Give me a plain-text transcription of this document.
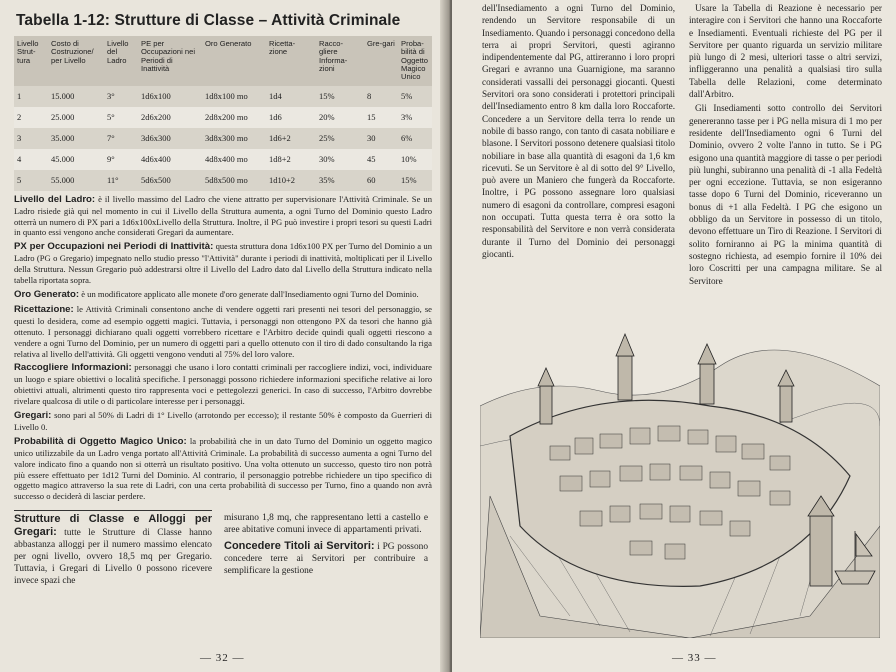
Tabella 1-12: Strutture di Classe – Attività Criminale
Livello Strut-tura	Costo di Costruzione/ per Livello	Livello del Ladro	PE per Occupazioni nei Periodi di Inattività	Oro Generato	Ricetta-zione	Racco-gliere Informa-zioni	Gre-gari	Proba-bilità di Oggetto Magico Unico
1	15.000	3°	1d6x100	1d8x100 mo	1d4	15%	8	5%
2	25.000	5°	2d6x200	2d8x200 mo	1d6	20%	15	3%
3	35.000	7°	3d6x300	3d8x300 mo	1d6+2	25%	30	6%
4	45.000	9°	4d6x400	4d8x400 mo	1d8+2	30%	45	10%
5	55.000	11°	5d6x500	5d8x500 mo	1d10+2	35%	60	15%

Livello del Ladro: è il livello massimo del Ladro che viene attratto per supervisionare l'Attività Criminale. Se un Ladro risiede già qui nel momento in cui il Livello della Struttura aumenta, a ogni Turno del Dominio questo Ladro otterrà un numero di PX pari a 1d6x100xLivello della Struttura. Inoltre, il PG può investire i propri tesori su questi Ladri in quanto essi vengono anche considerati Gregari da aumentare.

PX per Occupazioni nei Periodi di Inattività: questa struttura dona 1d6x100 PX per Turno del Dominio a un Ladro (PG o Gregario) impegnato nello studio presso "l'Attività" durante i periodi di inattività, moltiplicati per il Livello della Struttura. Nessun Gregario può addestrarsi oltre il Livello del Ladro dato dal Livello della Struttura indicato nella tabella riportata sopra.

Oro Generato: è un modificatore applicato alle monete d'oro generate dall'Insediamento ogni Turno del Dominio.

Ricettazione: le Attività Criminali consentono anche di vendere oggetti rari presenti nei tesori del personaggio, se questi lo desidera, come ad esempio oggetti magici. Tuttavia, i personaggi non ottengono PX da tesori che hanno già ottenuto. I personaggi dichiarano quali oggetti vorrebbero ricettare e l'Arbitro decide quindi quali oggetti riescono a vendere a ogni Turno del Dominio, per un numero di oggetti pari a quello ottenuto con il tiro di dado consultando la riga relativa al livello dell'attività. Gli oggetti vengono venduti al 75% del loro valore.

Raccogliere Informazioni: personaggi che usano i loro contatti criminali per raccogliere indizi, voci, individuare un luogo e spiare obiettivi o località specifiche. I personaggi possono richiedere informazioni specifiche relative ai loro obiettivi attuali, altrimenti questo tiro rappresenta voci e pettegolezzi generici. In caso di successo, l'Arbitro dovrebbe rivelare qualcosa di utile o di particolare interesse per i personaggi.

Gregari: sono pari al 50% di Ladri di 1° Livello (arrotondo per eccesso); il restante 50% è composto da Guerrieri di Livello 0.

Probabilità di Oggetto Magico Unico: la probabilità che in un dato Turno del Dominio un oggetto magico unico utilizzabile da un Ladro venga portato all'Attività Criminale. La probabilità di successo aumenta a ogni Turno del valore indicato fino a quando non si otterrà un risultato positivo. Una volta ottenuto un successo, questo tiro non potrà più essere effettuato per 1d12 Turni del Dominio. Al contrario, il personaggio potrebbe richiedere un tipo specifico di oggetto magico attraverso la sua rete di Ladri, con una certa probabilità di successo per Turno, fino a quando non avrà successo o deciderà di lasciar perdere.

Strutture di Classe e Alloggi per Gregari: tutte le Strutture di Classe hanno abbastanza alloggi per il numero massimo elencato per ogni livello, ovvero 18,5 mq per Gregario. Tuttavia, i Gregari di Livello 0 possono ricevere invece spazi che

misurano 1,8 mq, che rappresentano letti a castello e aree abitative comuni invece di appartamenti privati.

Concedere Titoli ai Servitori: i PG possono concedere terre ai Servitori per contribuire a semplificare la gestione

— 32 —

dell'Insediamento a ogni Turno del Dominio, rendendo un Servitore responsabile di un Insediamento. Quando i personaggi concedono della terra ai propri Servitori, questi agiranno indipendentemente dal PG, attireranno i loro propri Gregari e avranno una Guarnigione, ma saranno considerati vassalli dei personaggi giocanti. Questi Servitori ora sono considerati i protettori principali dell'Insediamento entro 8 km dalla loro Roccaforte. Concedere a un Servitore della terra lo rende un nobile di basso rango, con tanto di casata nobiliare e blasone. I Servitori possono detenere qualsiasi titolo nobiliare in base alla quantità di esagoni da 1,6 km ricevuti. Se un Servitore è al di sotto del 9° Livello, può avere un Maniero che fungerà da Roccaforte. Inoltre, i PG possono assegnare loro qualsiasi numero di esagoni da controllare, compresi esagoni non occupati. Tutta questa terra è ora sotto la responsabilità del Servitore e non verrà considerata durante il Turno del Dominio dei personaggi giocanti.

Usare la Tabella di Reazione è necessario per interagire con i Servitori che hanno una Roccaforte e Insediamenti. Eventuali richieste del PG per il Servitore per quanto riguarda un servizio militare più lungo di 2 mesi, ulteriori tasse o altri servizi, infliggeranno una penalità a qualsiasi tiro sulla Tabella delle Relazioni, come determinato dall'Arbitro.

Gli Insediamenti sotto controllo dei Servitori genereranno tasse per i PG nella misura di 1 mo per residente dell'Insediamento ogni 6 Turni del Dominio, ovvero 2 volte l'anno in tutto. Se i PG esigono una quantità maggiore di tasse o per periodi più lunghi, subiranno una penalità di -1 alla Fedeltà per ogni eccezione. Tuttavia, se non esigeranno tasse dopo 6 Turni del Dominio, riceveranno un bonus di +1 alla Fedeltà. I PG che esigono un obbligo da un Servitore in possesso di un titolo, devono effettuare un Tiro di Reazione. I Servitori di solito forniranno ai PG la minima quantità di sostegno richiesta, ad esempio fornire il 10% dei loro Coscritti per una campagna militare. Se al Servitore

— 33 —
